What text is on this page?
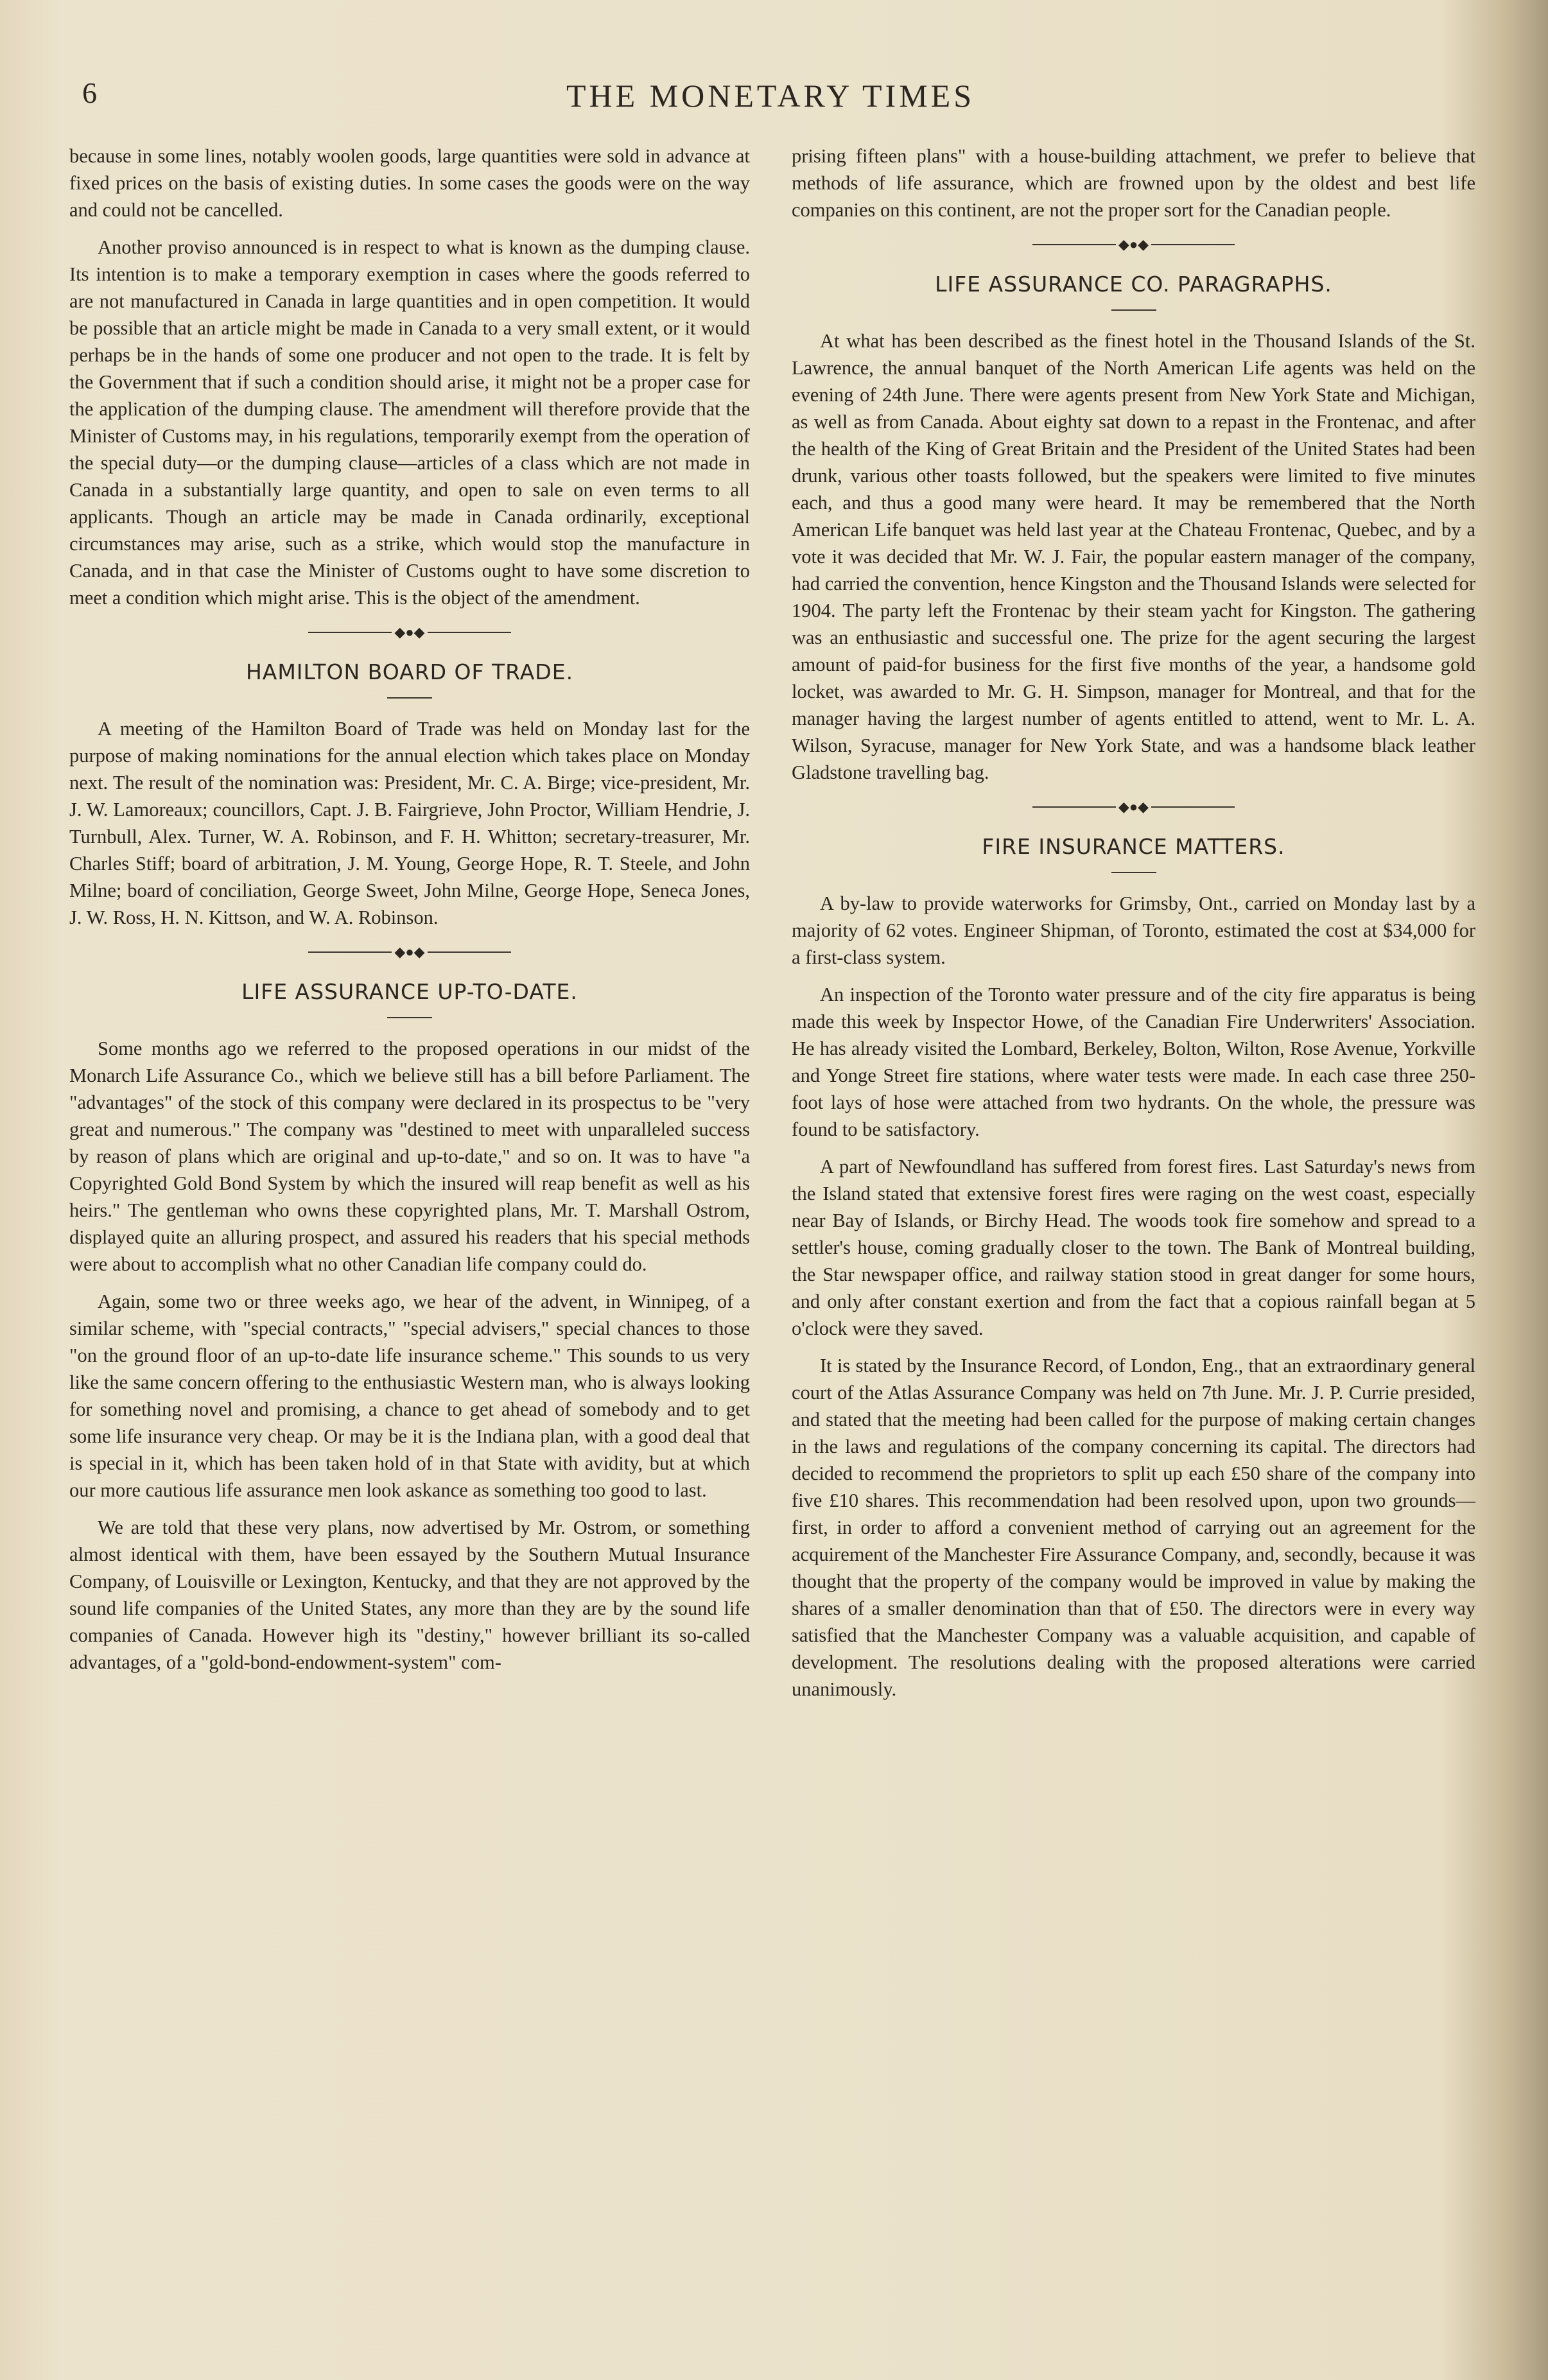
6	THE MONETARY TIMES

because in some lines, notably woolen goods, large quantities were sold in advance at fixed prices on the basis of existing duties. In some cases the goods were on the way and could not be cancelled.

Another proviso announced is in respect to what is known as the dumping clause. Its intention is to make a temporary exemption in cases where the goods referred to are not manufactured in Canada in large quantities and in open competition. It would be possible that an article might be made in Canada to a very small extent, or it would perhaps be in the hands of some one producer and not open to the trade. It is felt by the Government that if such a condition should arise, it might not be a proper case for the application of the dumping clause. The amendment will therefore provide that the Minister of Customs may, in his regulations, temporarily exempt from the operation of the special duty—or the dumping clause—articles of a class which are not made in Canada in a substantially large quantity, and open to sale on even terms to all applicants. Though an article may be made in Canada ordinarily, exceptional circumstances may arise, such as a strike, which would stop the manufacture in Canada, and in that case the Minister of Customs ought to have some discretion to meet a condition which might arise. This is the object of the amendment.

◆●◆
HAMILTON BOARD OF TRADE.

A meeting of the Hamilton Board of Trade was held on Monday last for the purpose of making nominations for the annual election which takes place on Monday next. The result of the nomination was: President, Mr. C. A. Birge; vice-president, Mr. J. W. Lamoreaux; councillors, Capt. J. B. Fairgrieve, John Proctor, William Hendrie, J. Turnbull, Alex. Turner, W. A. Robinson, and F. H. Whitton; secretary-treasurer, Mr. Charles Stiff; board of arbitration, J. M. Young, George Hope, R. T. Steele, and John Milne; board of conciliation, George Sweet, John Milne, George Hope, Seneca Jones, J. W. Ross, H. N. Kittson, and W. A. Robinson.

◆●◆
LIFE ASSURANCE UP-TO-DATE.

Some months ago we referred to the proposed operations in our midst of the Monarch Life Assurance Co., which we believe still has a bill before Parliament. The "advantages" of the stock of this company were declared in its prospectus to be "very great and numerous." The company was "destined to meet with unparalleled success by reason of plans which are original and up-to-date," and so on. It was to have "a Copyrighted Gold Bond System by which the insured will reap benefit as well as his heirs." The gentleman who owns these copyrighted plans, Mr. T. Marshall Ostrom, displayed quite an alluring prospect, and assured his readers that his special methods were about to accomplish what no other Canadian life company could do.

Again, some two or three weeks ago, we hear of the advent, in Winnipeg, of a similar scheme, with "special contracts," "special advisers," special chances to those "on the ground floor of an up-to-date life insurance scheme." This sounds to us very like the same concern offering to the enthusiastic Western man, who is always looking for something novel and promising, a chance to get ahead of somebody and to get some life insurance very cheap. Or may be it is the Indiana plan, with a good deal that is special in it, which has been taken hold of in that State with avidity, but at which our more cautious life assurance men look askance as something too good to last.

We are told that these very plans, now advertised by Mr. Ostrom, or something almost identical with them, have been essayed by the Southern Mutual Insurance Company, of Louisville or Lexington, Kentucky, and that they are not approved by the sound life companies of the United States, any more than they are by the sound life companies of Canada. However high its "destiny," however brilliant its so-called advantages, of a "gold-bond-endowment-system" com-

prising fifteen plans" with a house-building attachment, we prefer to believe that methods of life assurance, which are frowned upon by the oldest and best life companies on this continent, are not the proper sort for the Canadian people.

◆●◆
LIFE ASSURANCE CO. PARAGRAPHS.

At what has been described as the finest hotel in the Thousand Islands of the St. Lawrence, the annual banquet of the North American Life agents was held on the evening of 24th June. There were agents present from New York State and Michigan, as well as from Canada. About eighty sat down to a repast in the Frontenac, and after the health of the King of Great Britain and the President of the United States had been drunk, various other toasts followed, but the speakers were limited to five minutes each, and thus a good many were heard. It may be remembered that the North American Life banquet was held last year at the Chateau Frontenac, Quebec, and by a vote it was decided that Mr. W. J. Fair, the popular eastern manager of the company, had carried the convention, hence Kingston and the Thousand Islands were selected for 1904. The party left the Frontenac by their steam yacht for Kingston. The gathering was an enthusiastic and successful one. The prize for the agent securing the largest amount of paid-for business for the first five months of the year, a handsome gold locket, was awarded to Mr. G. H. Simpson, manager for Montreal, and that for the manager having the largest number of agents entitled to attend, went to Mr. L. A. Wilson, Syracuse, manager for New York State, and was a handsome black leather Gladstone travelling bag.

◆●◆
FIRE INSURANCE MATTERS.

A by-law to provide waterworks for Grimsby, Ont., carried on Monday last by a majority of 62 votes. Engineer Shipman, of Toronto, estimated the cost at $34,000 for a first-class system.

An inspection of the Toronto water pressure and of the city fire apparatus is being made this week by Inspector Howe, of the Canadian Fire Underwriters' Association. He has already visited the Lombard, Berkeley, Bolton, Wilton, Rose Avenue, Yorkville and Yonge Street fire stations, where water tests were made. In each case three 250-foot lays of hose were attached from two hydrants. On the whole, the pressure was found to be satisfactory.

A part of Newfoundland has suffered from forest fires. Last Saturday's news from the Island stated that extensive forest fires were raging on the west coast, especially near Bay of Islands, or Birchy Head. The woods took fire somehow and spread to a settler's house, coming gradually closer to the town. The Bank of Montreal building, the Star newspaper office, and railway station stood in great danger for some hours, and only after constant exertion and from the fact that a copious rainfall began at 5 o'clock were they saved.

It is stated by the Insurance Record, of London, Eng., that an extraordinary general court of the Atlas Assurance Company was held on 7th June. Mr. J. P. Currie presided, and stated that the meeting had been called for the purpose of making certain changes in the laws and regulations of the company concerning its capital. The directors had decided to recommend the proprietors to split up each £50 share of the company into five £10 shares. This recommendation had been resolved upon, upon two grounds—first, in order to afford a convenient method of carrying out an agreement for the acquirement of the Manchester Fire Assurance Company, and, secondly, because it was thought that the property of the company would be improved in value by making the shares of a smaller denomination than that of £50. The directors were in every way satisfied that the Manchester Company was a valuable acquisition, and capable of development. The resolutions dealing with the proposed alterations were carried unanimously.
